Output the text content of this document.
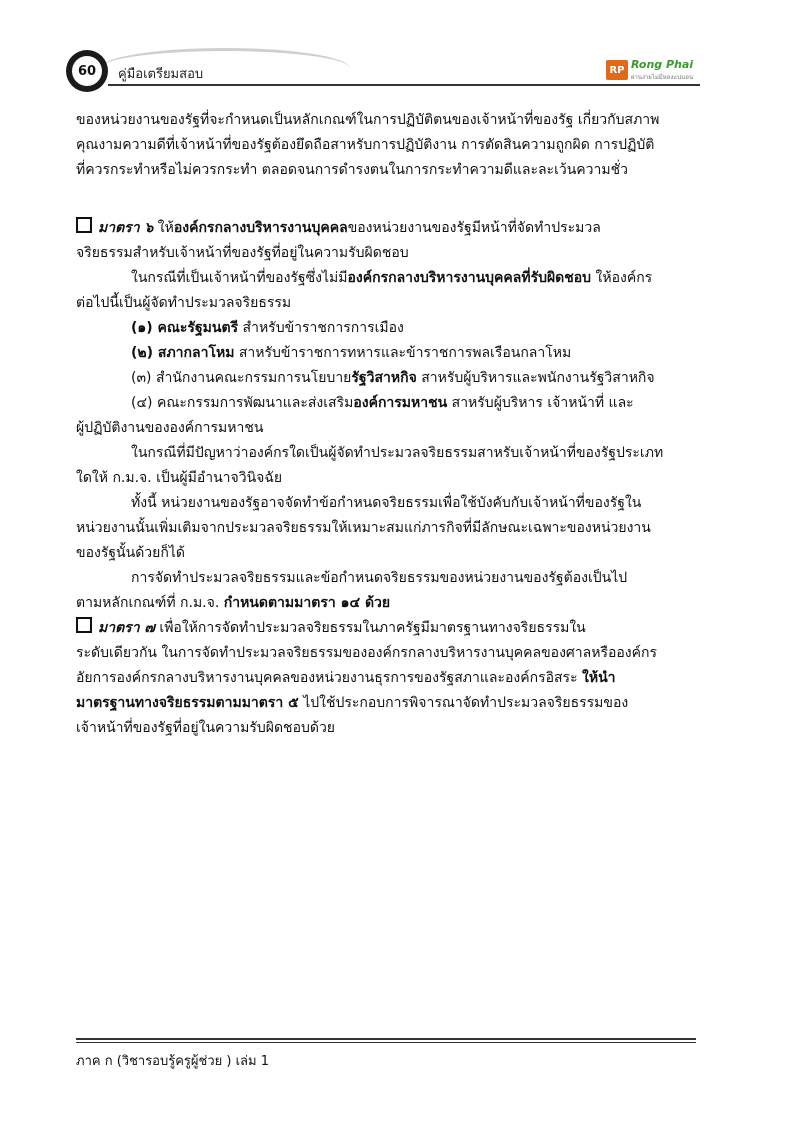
60	คู่มือเตรียมสอบ	RP Rong Phai
ผ่านง่ายไม่มีหลงแน่นอน

ของหน่วยงานของรัฐที่จะกำหนดเป็นหลักเกณฑ์ในการปฏิบัติตนของเจ้าหน้าที่ของรัฐ เกี่ยวกับสภาพ

คุณงามความดีที่เจ้าหน้าที่ของรัฐต้องยึดถือสาหรับการปฏิบัติงาน การตัดสินความถูกผิด การปฏิบัติ

ที่ควรกระทำหรือไม่ควรกระทำ ตลอดจนการดำรงตนในการกระทำความดีและละเว้นความชั่ว

มาตรา ๖ ให้องค์กรกลางบริหารงานบุคคลของหน่วยงานของรัฐมีหน้าที่จัดทำประมวล

จริยธรรมสำหรับเจ้าหน้าที่ของรัฐที่อยู่ในความรับผิดชอบ

ในกรณีที่เป็นเจ้าหน้าที่ของรัฐซึ่งไม่มีองค์กรกลางบริหารงานบุคคลที่รับผิดชอบ ให้องค์กร

ต่อไปนี้เป็นผู้จัดทำประมวลจริยธรรม

(๑) คณะรัฐมนตรี สำหรับข้าราชการการเมือง

(๒) สภากลาโหม สาหรับข้าราชการทหารและข้าราชการพลเรือนกลาโหม

(๓) สำนักงานคณะกรรมการนโยบายรัฐวิสาหกิจ สาหรับผู้บริหารและพนักงานรัฐวิสาหกิจ

(๔) คณะกรรมการพัฒนาและส่งเสริมองค์การมหาชน สาหรับผู้บริหาร เจ้าหน้าที่ และ

ผู้ปฏิบัติงานขององค์การมหาชน

ในกรณีที่มีปัญหาว่าองค์กรใดเป็นผู้จัดทำประมวลจริยธรรมสาหรับเจ้าหน้าที่ของรัฐประเภท

ใดให้ ก.ม.จ. เป็นผู้มีอำนาจวินิจฉัย

ทั้งนี้ หน่วยงานของรัฐอาจจัดทำข้อกำหนดจริยธรรมเพื่อใช้บังคับกับเจ้าหน้าที่ของรัฐใน

หน่วยงานนั้นเพิ่มเติมจากประมวลจริยธรรมให้เหมาะสมแก่ภารกิจที่มีลักษณะเฉพาะของหน่วยงาน

ของรัฐนั้นด้วยก็ได้

การจัดทำประมวลจริยธรรมและข้อกำหนดจริยธรรมของหน่วยงานของรัฐต้องเป็นไป

ตามหลักเกณฑ์ที่ ก.ม.จ. กำหนดตามมาตรา ๑๔ ด้วย

มาตรา ๗ เพื่อให้การจัดทำประมวลจริยธรรมในภาครัฐมีมาตรฐานทางจริยธรรมใน

ระดับเดียวกัน ในการจัดทำประมวลจริยธรรมขององค์กรกลางบริหารงานบุคคลของศาลหรือองค์กร

อัยการองค์กรกลางบริหารงานบุคคลของหน่วยงานธุรการของรัฐสภาและองค์กรอิสระ ให้นำ

มาตรฐานทางจริยธรรมตามมาตรา ๕ ไปใช้ประกอบการพิจารณาจัดทำประมวลจริยธรรมของ

เจ้าหน้าที่ของรัฐที่อยู่ในความรับผิดชอบด้วย

ภาค ก (วิชารอบรู้ครูผู้ช่วย ) เล่ม 1
